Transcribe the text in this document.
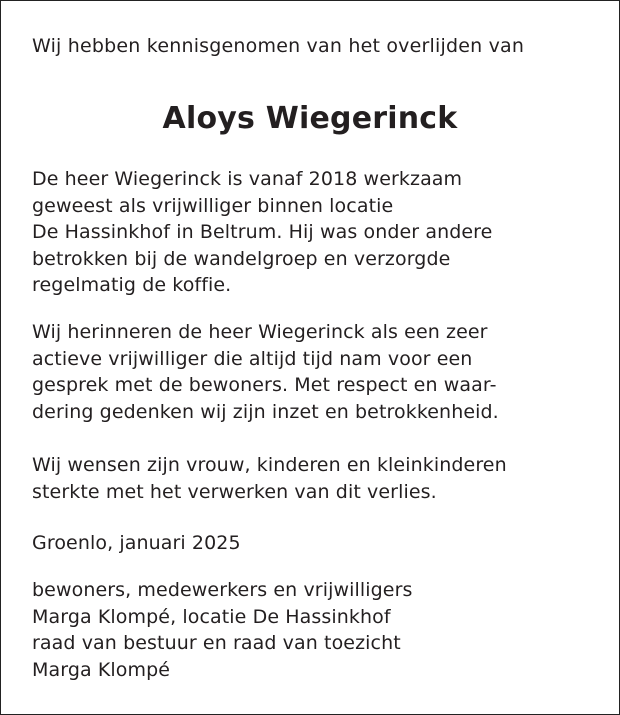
Wij hebben kennisgenomen van het overlijden van
Aloys Wiegerinck
De heer Wiegerinck is vanaf 2018 werkzaam
geweest als vrijwilliger binnen locatie
De Hassinkhof in Beltrum. Hij was onder andere
betrokken bij de wandelgroep en verzorgde
regelmatig de koffie.
Wij herinneren de heer Wiegerinck als een zeer
actieve vrijwilliger die altijd tijd nam voor een
gesprek met de bewoners. Met respect en waar-
dering gedenken wij zijn inzet en betrokkenheid.
Wij wensen zijn vrouw, kinderen en kleinkinderen
sterkte met het verwerken van dit verlies.
Groenlo, januari 2025
bewoners, medewerkers en vrijwilligers
Marga Klompé, locatie De Hassinkhof
raad van bestuur en raad van toezicht
Marga Klompé
